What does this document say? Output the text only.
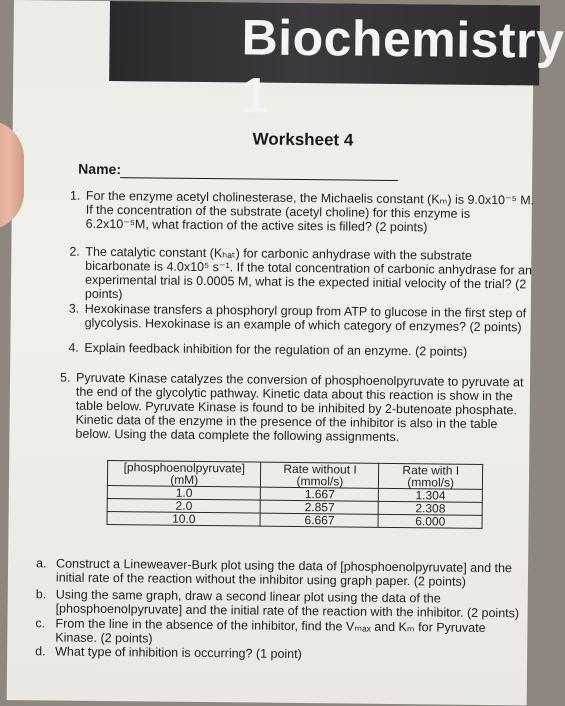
Biochemistry 1
Worksheet 4
Name:
1. For the enzyme acetyl cholinesterase, the Michaelis constant (Kₘ) is 9.0x10⁻⁵ M. If the concentration of the substrate (acetyl choline) for this enzyme is 6.2x10⁻⁵M, what fraction of the active sites is filled? (2 points)
2. The catalytic constant (Kₕₐₜ) for carbonic anhydrase with the substrate bicarbonate is 4.0x10⁵ s⁻¹. If the total concentration of carbonic anhydrase for an experimental trial is 0.0005 M, what is the expected initial velocity of the trial? (2 points)
3. Hexokinase transfers a phosphoryl group from ATP to glucose in the first step of glycolysis. Hexokinase is an example of which category of enzymes? (2 points)
4. Explain feedback inhibition for the regulation of an enzyme. (2 points)
5. Pyruvate Kinase catalyzes the conversion of phosphoenolpyruvate to pyruvate at the end of the glycolytic pathway. Kinetic data about this reaction is show in the table below. Pyruvate Kinase is found to be inhibited by 2-butenoate phosphate. Kinetic data of the enzyme in the presence of the inhibitor is also in the table below. Using the data complete the following assignments.
[phosphoenolpyruvate] (mM)	Rate without I (mmol/s)	Rate with I (mmol/s)
1.0	1.667	1.304
2.0	2.857	2.308
10.0	6.667	6.000
a. Construct a Lineweaver-Burk plot using the data of [phosphoenolpyruvate] and the initial rate of the reaction without the inhibitor using graph paper. (2 points)
b. Using the same graph, draw a second linear plot using the data of the [phosphoenolpyruvate] and the initial rate of the reaction with the inhibitor. (2 points)
c. From the line in the absence of the inhibitor, find the Vₘₐₓ and Kₘ for Pyruvate Kinase. (2 points)
d. What type of inhibition is occurring? (1 point)
